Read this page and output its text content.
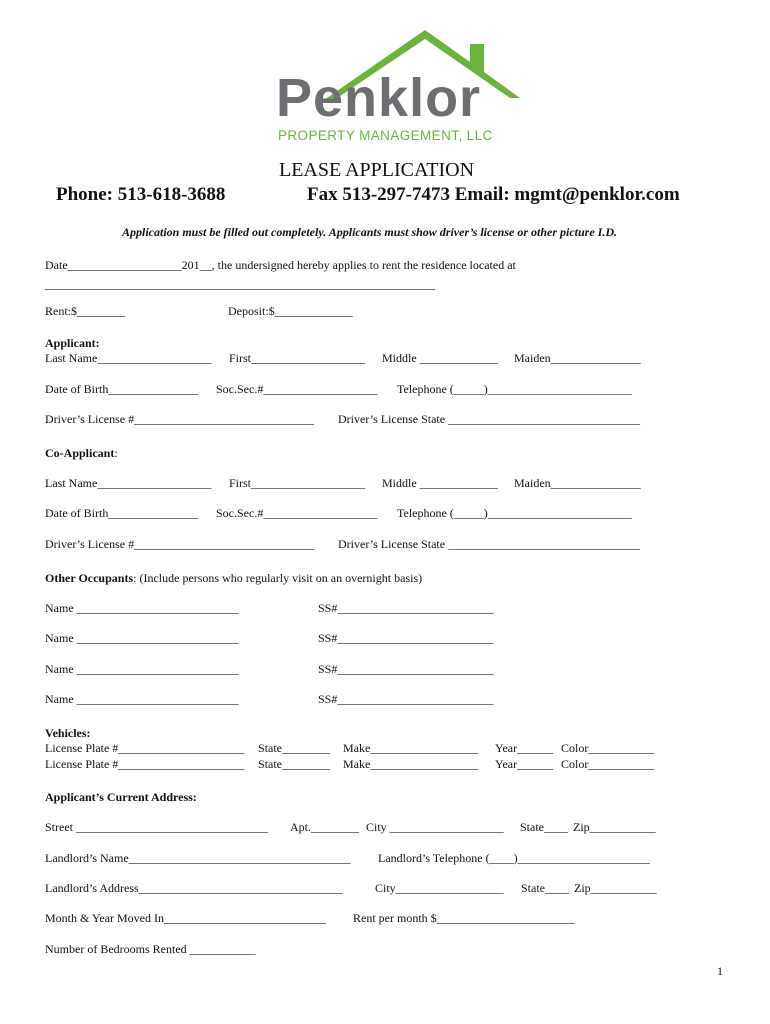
Penklor
PROPERTY MANAGEMENT, LLC
LEASE APPLICATION
Phone: 513-618-3688	Fax 513-297-7473 Email: mgmt@penklor.com
Application must be filled out completely. Applicants must show driver’s license or other picture I.D.
Date___________________201__, the undersigned hereby applies to rent the residence located at
_________________________________________________________________
Rent:$________	Deposit:$_____________
Applicant:
Last Name___________________ First___________________ Middle _____________ Maiden_______________
Date of Birth_______________ Soc.Sec.#___________________ Telephone (_____)________________________
Driver’s License #______________________________ Driver’s License State ________________________________
Co-Applicant:
Last Name___________________ First___________________ Middle _____________ Maiden_______________
Date of Birth_______________ Soc.Sec.#___________________ Telephone (_____)________________________
Driver’s License #______________________________ Driver’s License State ________________________________
Other Occupants: (Include persons who regularly visit on an overnight basis)
Name ___________________________	SS#__________________________
Name ___________________________	SS#__________________________
Name ___________________________	SS#__________________________
Name ___________________________	SS#__________________________
Vehicles:
License Plate #_____________________ State________ Make__________________ Year______ Color___________
License Plate #_____________________ State________ Make__________________ Year______ Color___________
Applicant’s Current Address:
Street ________________________________ Apt.________ City ___________________ State____ Zip___________
Landlord’s Name_____________________________________ Landlord’s Telephone (____)______________________
Landlord’s Address__________________________________	City__________________ State____ Zip___________
Month & Year Moved In___________________________ Rent per month $_______________________
Number of Bedrooms Rented ___________
1
